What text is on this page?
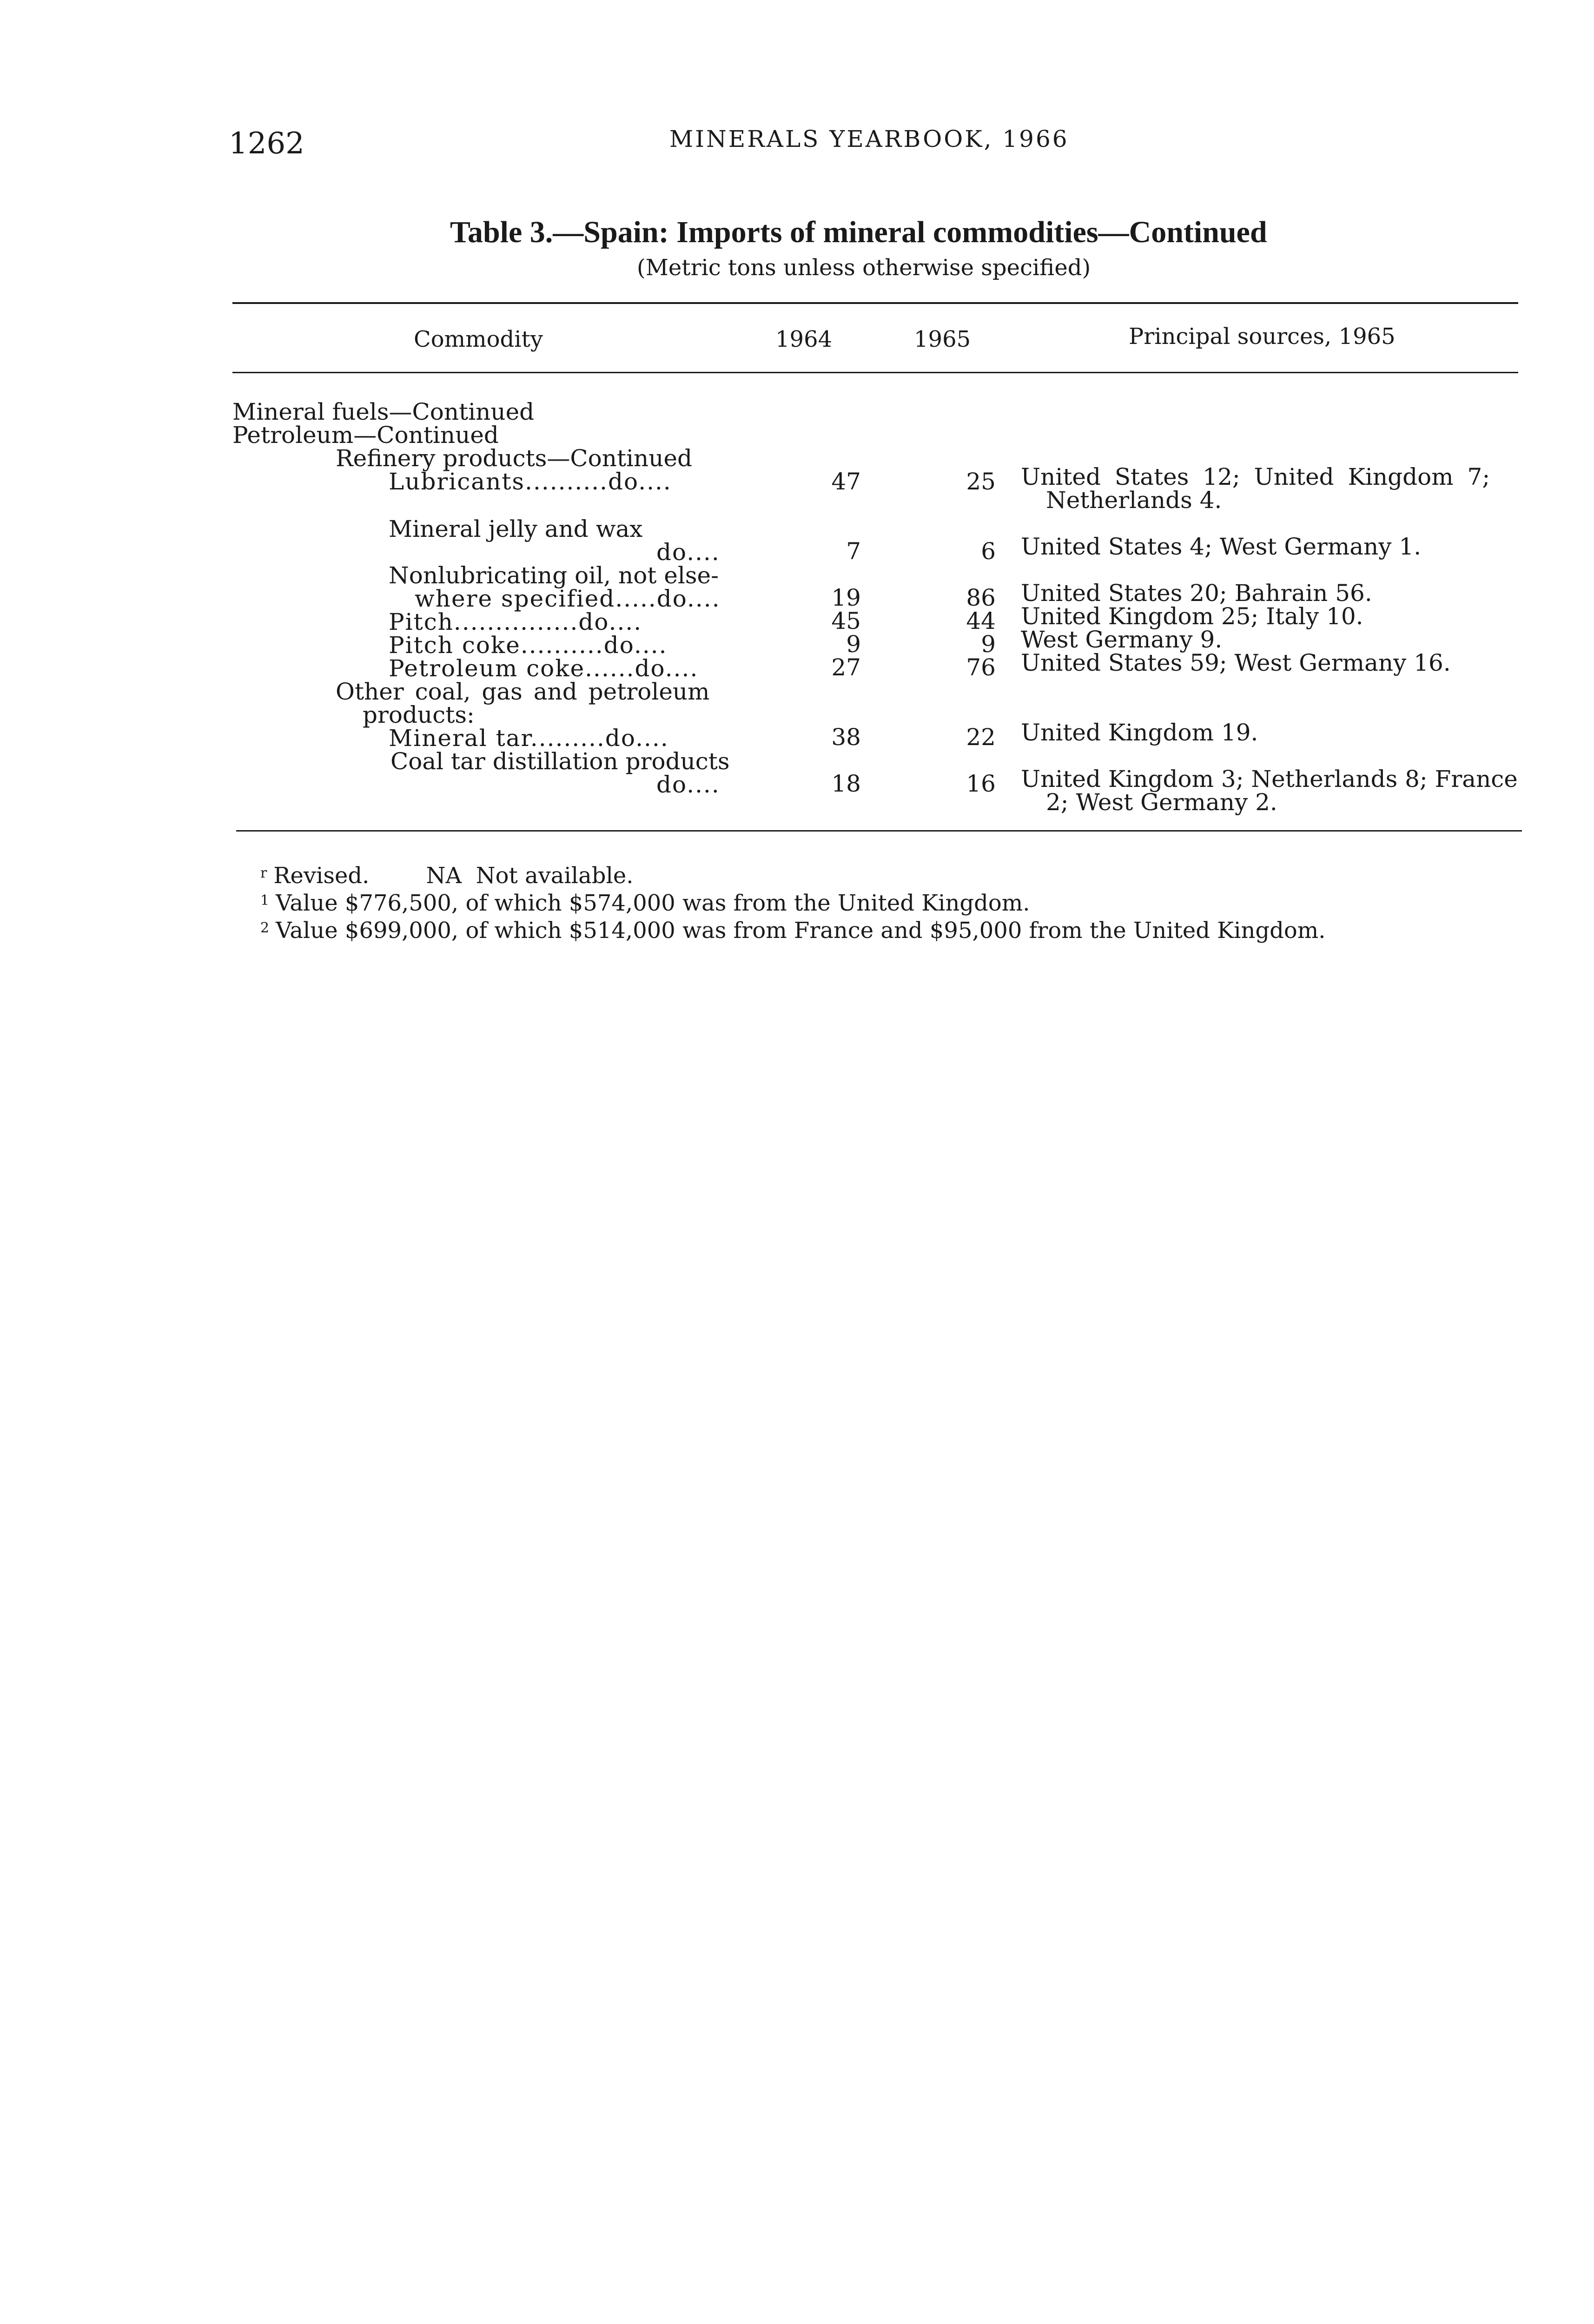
1262	MINERALS YEARBOOK, 1966
Table 3.—Spain: Imports of mineral commodities—Continued
(Metric tons unless otherwise specified)
Commodity	1964	1965	Principal sources, 1965
Mineral fuels—Continued
Petroleum—Continued
Refinery products—Continued
Lubricants..........do....	47	25 United States 12; United Kingdom 7;
Netherlands 4.
Mineral jelly and wax
do....	7	6 United States 4; West Germany 1.
Nonlubricating oil, not else-
where specified.....do....	19	86 United States 20; Bahrain 56.
Pitch...............do....	45	44 United Kingdom 25; Italy 10.
Pitch coke..........do....	9	9 West Germany 9.
Petroleum coke......do....	27	76 United States 59; West Germany 16.
Other coal, gas and petroleum
products:
Mineral tar.........do....	38	22 United Kingdom 19.
Coal tar distillation products
do....	18	16 United Kingdom 3; Netherlands 8; France
2; West Germany 2.
$^r$ Revised.        NA  Not available.
$^1$ Value $776,500, of which $574,000 was from the United Kingdom.
$^2$ Value $699,000, of which $514,000 was from France and $95,000 from the United Kingdom.
